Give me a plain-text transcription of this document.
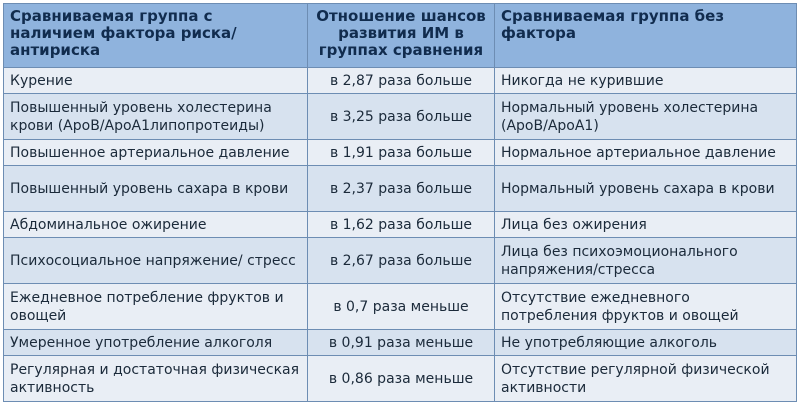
Сравниваемая группа с наличием фактора риска/ антириска	Отношение шансов развития ИМ в группах сравнения	Сравниваемая группа без фактора
Курение	в 2,87 раза больше	Никогда не курившие
Повышенный уровень холестерина крови (ApoB/ApoA1липопротеиды)	в 3,25 раза больше	Нормальный уровень холестерина (ApoB/ApoA1)
Повышенное артериальное давление	в 1,91 раза больше	Нормальное артериальное давление
Повышенный уровень сахара в крови	в 2,37 раза больше	Нормальный уровень сахара в крови
Абдоминальное ожирение	в 1,62 раза больше	Лица без ожирения
Психосоциальное напряжение/ стресс	в 2,67 раза больше	Лица без психоэмоционального напряжения/стресса
Ежедневное потребление фруктов и овощей	в 0,7 раза меньше	Отсутствие ежедневного потребления фруктов и овощей
Умеренное употребление алкоголя	в 0,91 раза меньше	Не употребляющие алкоголь
Регулярная и достаточная физическая активность	в 0,86 раза меньше	Отсутствие регулярной физической активности
